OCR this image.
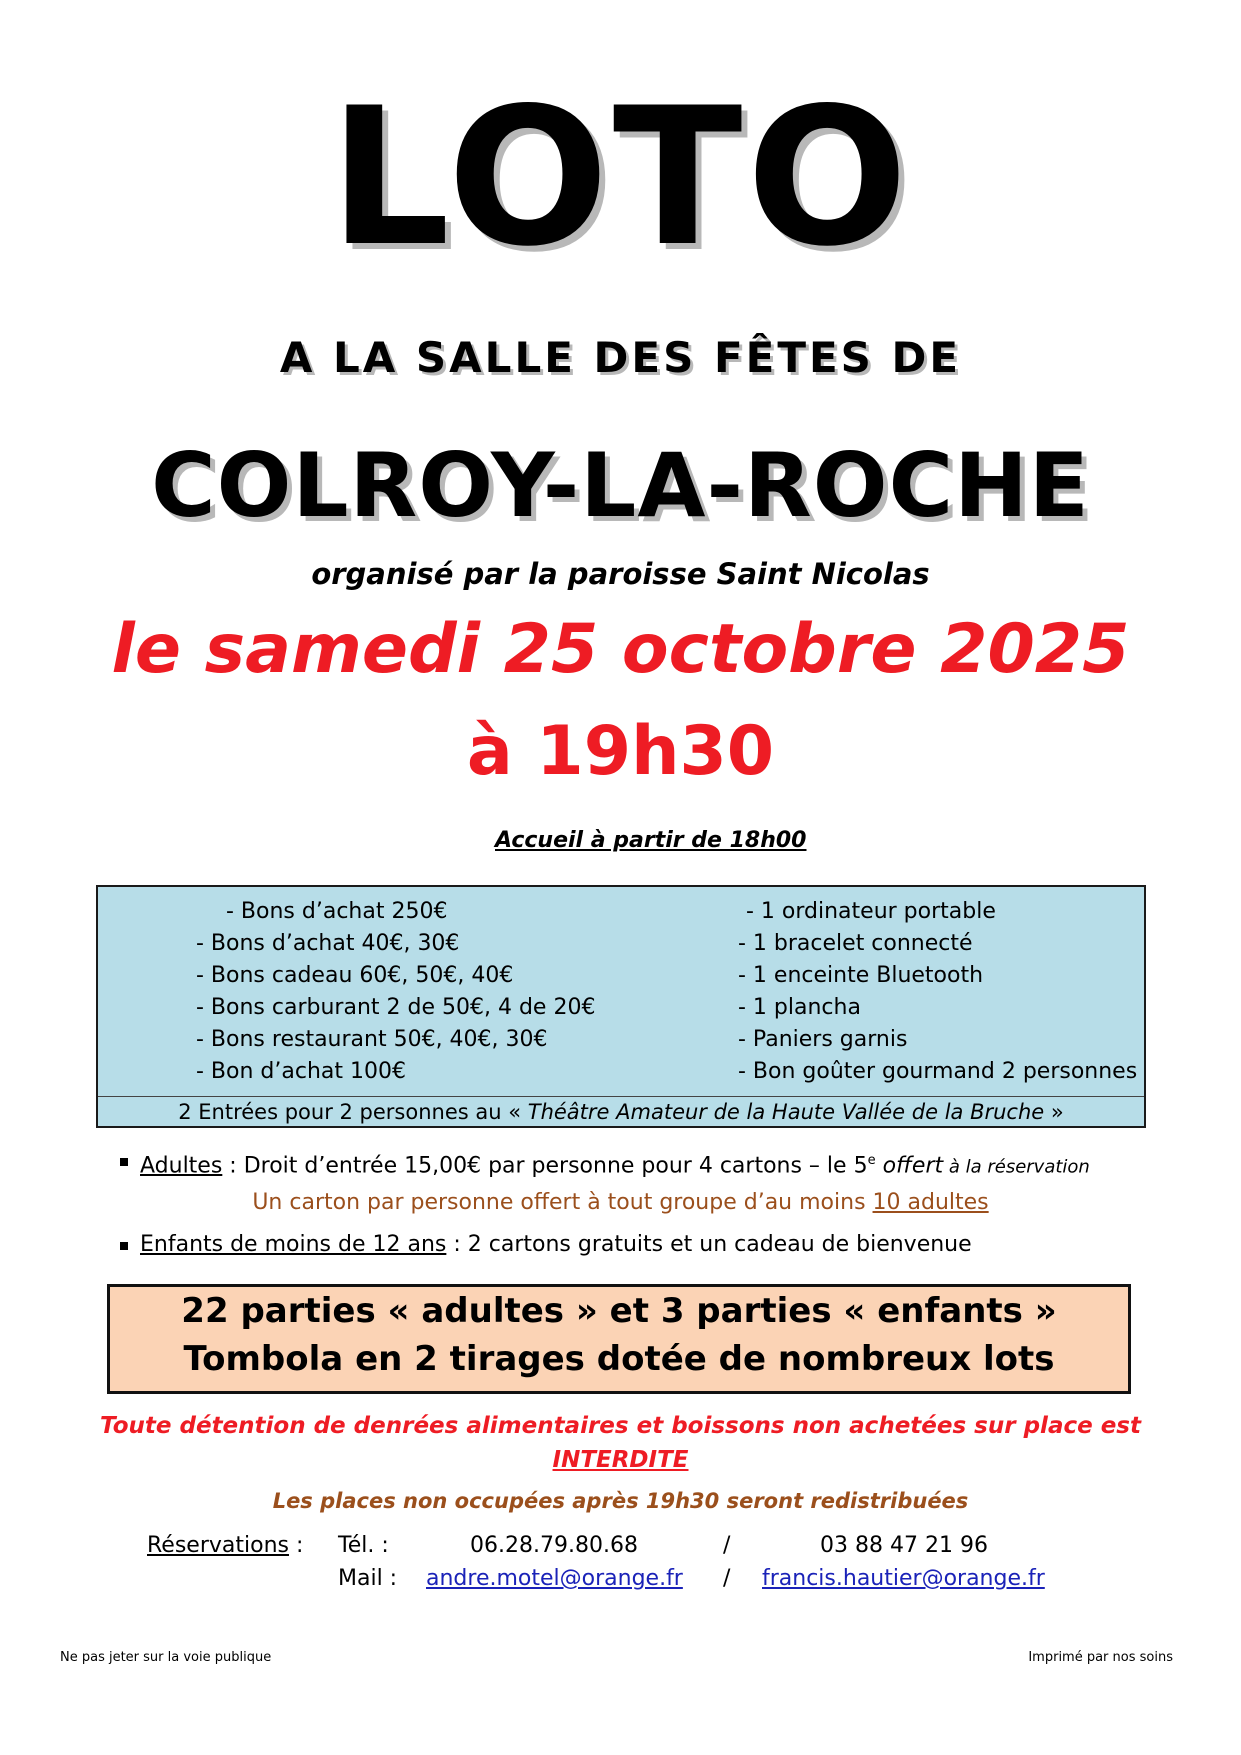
LOTO
A LA SALLE DES FÊTES DE
COLROY-LA-ROCHE
organisé par la paroisse Saint Nicolas
le samedi 25 octobre 2025
à 19h30
Accueil à partir de 18h00
- Bons d’achat 250€
- Bons d’achat 40€, 30€
- Bons cadeau 60€, 50€, 40€
- Bons carburant 2 de 50€, 4 de 20€
- Bons restaurant 50€, 40€, 30€
- Bon d’achat 100€
- 1 ordinateur portable
- 1 bracelet connecté
- 1 enceinte Bluetooth
- 1 plancha
- Paniers garnis
- Bon goûter gourmand 2 personnes
2 Entrées pour 2 personnes au « Théâtre Amateur de la Haute Vallée de la Bruche »
Adultes : Droit d’entrée 15,00€ par personne pour 4 cartons – le 5e offert à la réservation
Un carton par personne offert à tout groupe d’au moins 10 adultes
Enfants de moins de 12 ans : 2 cartons gratuits et un cadeau de bienvenue
22 parties « adultes » et 3 parties « enfants »
Tombola en 2 tirages dotée de nombreux lots
Toute détention de denrées alimentaires et boissons non achetées sur place est
INTERDITE
Les places non occupées après 19h30 seront redistribuées
Réservations : Tél. :	06.28.79.80.68	/	03 88 47 21 96
Mail : andre.motel@orange.fr / francis.hautier@orange.fr
Ne pas jeter sur la voie publique	Imprimé par nos soins
